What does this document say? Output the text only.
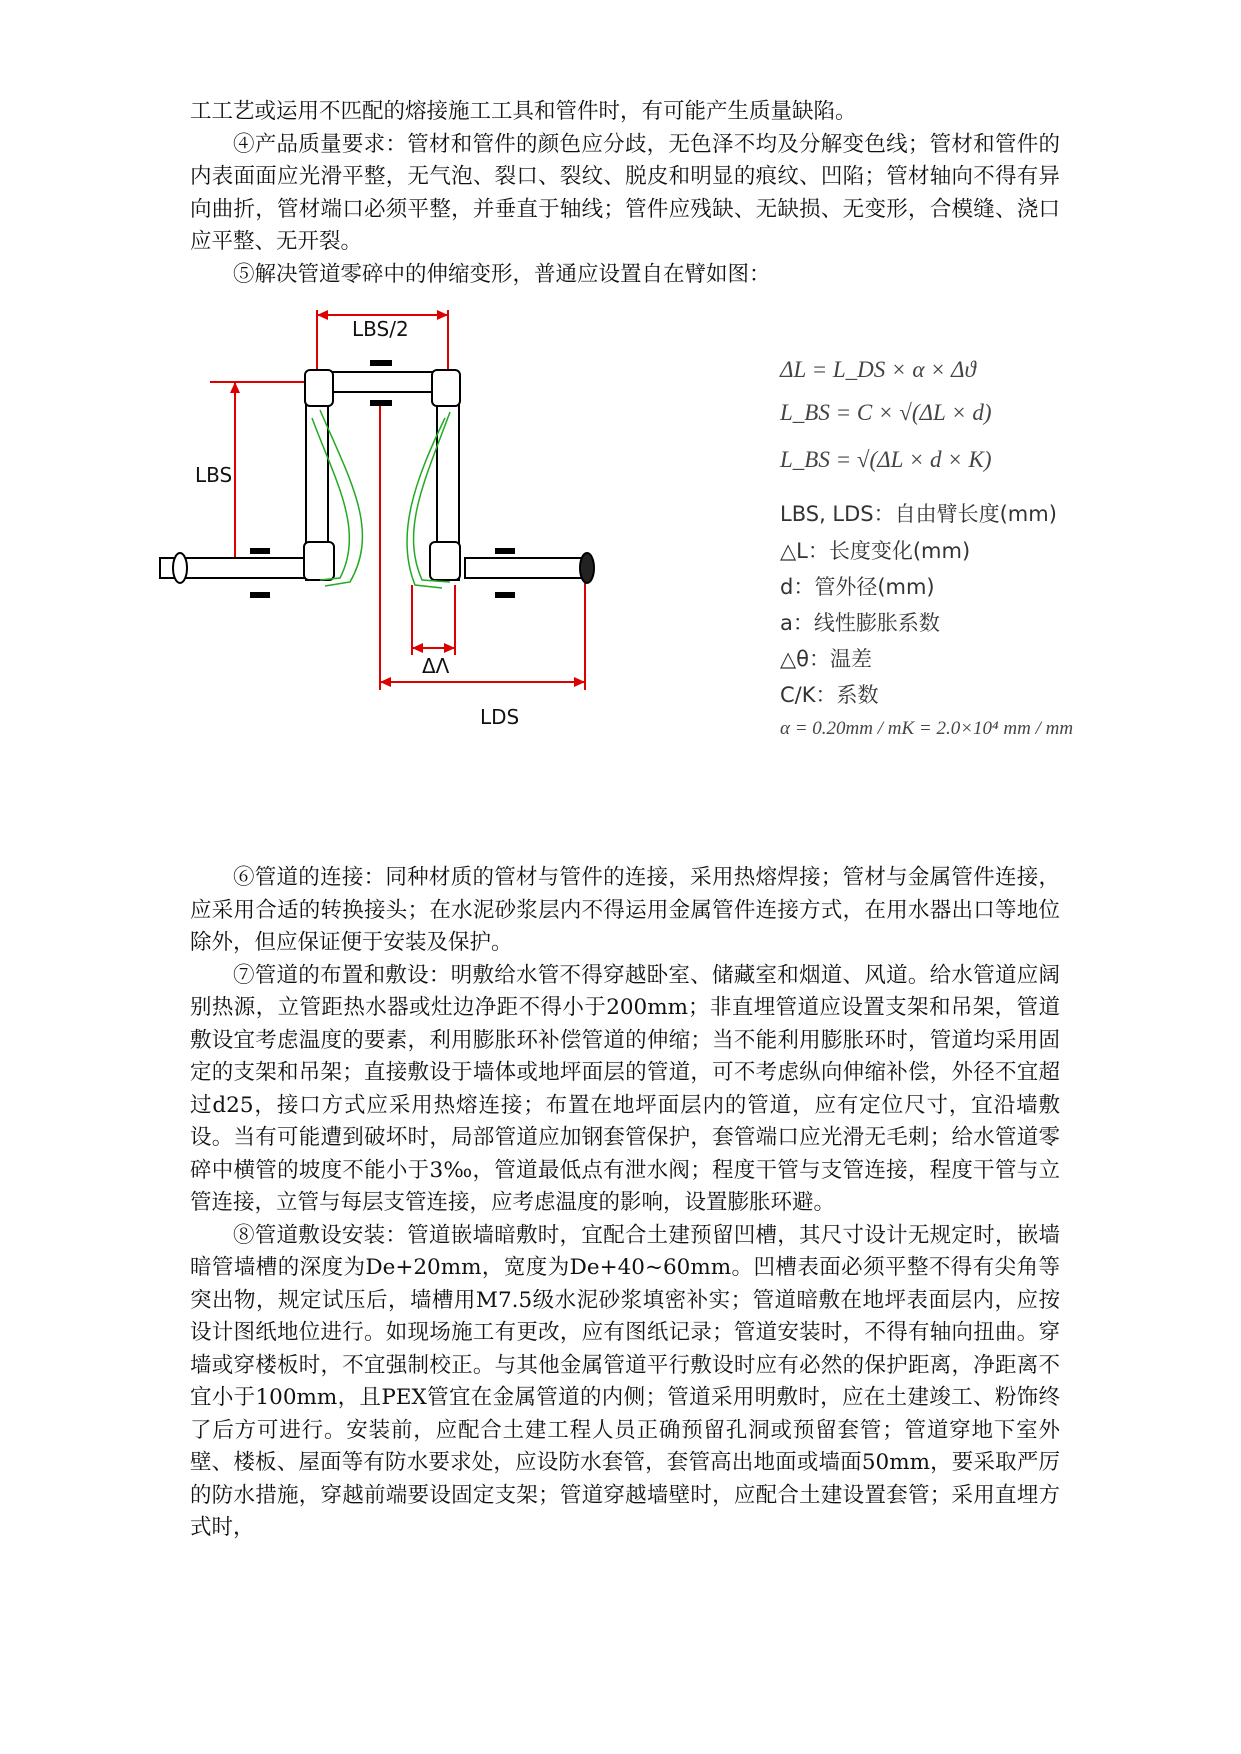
工工艺或运用不匹配的熔接施工工具和管件时，有可能产生质量缺陷。

④产品质量要求：管材和管件的颜色应分歧，无色泽不均及分解变色线；管材和管件的内表面面应光滑平整，无气泡、裂口、裂纹、脱皮和明显的痕纹、凹陷；管材轴向不得有异向曲折，管材端口必须平整，并垂直于轴线；管件应残缺、无缺损、无变形，合模缝、浇口应平整、无开裂。

⑤解决管道零碎中的伸缩变形，普通应设置自在臂如图：

LBS/2
LBS
ΔΛ
LDS
ΔL = L_DS × α × Δϑ
L_BS = C × √(ΔL × d)
L_BS = √(ΔL × d × K)
LBS, LDS：自由臂长度(mm)
△L：长度变化(mm)
d：管外径(mm)
a：线性膨胀系数
△θ：温差
C/K：系数
α = 0.20mm / mK = 2.0×10⁴ mm / mm

⑥管道的连接：同种材质的管材与管件的连接，采用热熔焊接；管材与金属管件连接，应采用合适的转换接头；在水泥砂浆层内不得运用金属管件连接方式，在用水器出口等地位除外，但应保证便于安装及保护。

⑦管道的布置和敷设：明敷给水管不得穿越卧室、储藏室和烟道、风道。给水管道应阔别热源，立管距热水器或灶边净距不得小于200mm；非直埋管道应设置支架和吊架，管道敷设宜考虑温度的要素，利用膨胀环补偿管道的伸缩；当不能利用膨胀环时，管道均采用固定的支架和吊架；直接敷设于墙体或地坪面层的管道，可不考虑纵向伸缩补偿，外径不宜超过d25，接口方式应采用热熔连接；布置在地坪面层内的管道，应有定位尺寸，宜沿墙敷设。当有可能遭到破坏时，局部管道应加钢套管保护，套管端口应光滑无毛刺；给水管道零碎中横管的坡度不能小于3‰，管道最低点有泄水阀；程度干管与支管连接，程度干管与立管连接，立管与每层支管连接，应考虑温度的影响，设置膨胀环避。

⑧管道敷设安装：管道嵌墙暗敷时，宜配合土建预留凹槽，其尺寸设计无规定时，嵌墙暗管墙槽的深度为De+20mm，宽度为De+40~60mm。凹槽表面必须平整不得有尖角等突出物，规定试压后，墙槽用M7.5级水泥砂浆填密补实；管道暗敷在地坪表面层内，应按设计图纸地位进行。如现场施工有更改，应有图纸记录；管道安装时，不得有轴向扭曲。穿墙或穿楼板时，不宜强制校正。与其他金属管道平行敷设时应有必然的保护距离，净距离不宜小于100mm，且PEX管宜在金属管道的内侧；管道采用明敷时，应在土建竣工、粉饰终了后方可进行。安装前，应配合土建工程人员正确预留孔洞或预留套管；管道穿地下室外壁、楼板、屋面等有防水要求处，应设防水套管，套管高出地面或墙面50mm，要采取严厉的防水措施，穿越前端要设固定支架；管道穿越墙壁时，应配合土建设置套管；采用直埋方式时，
